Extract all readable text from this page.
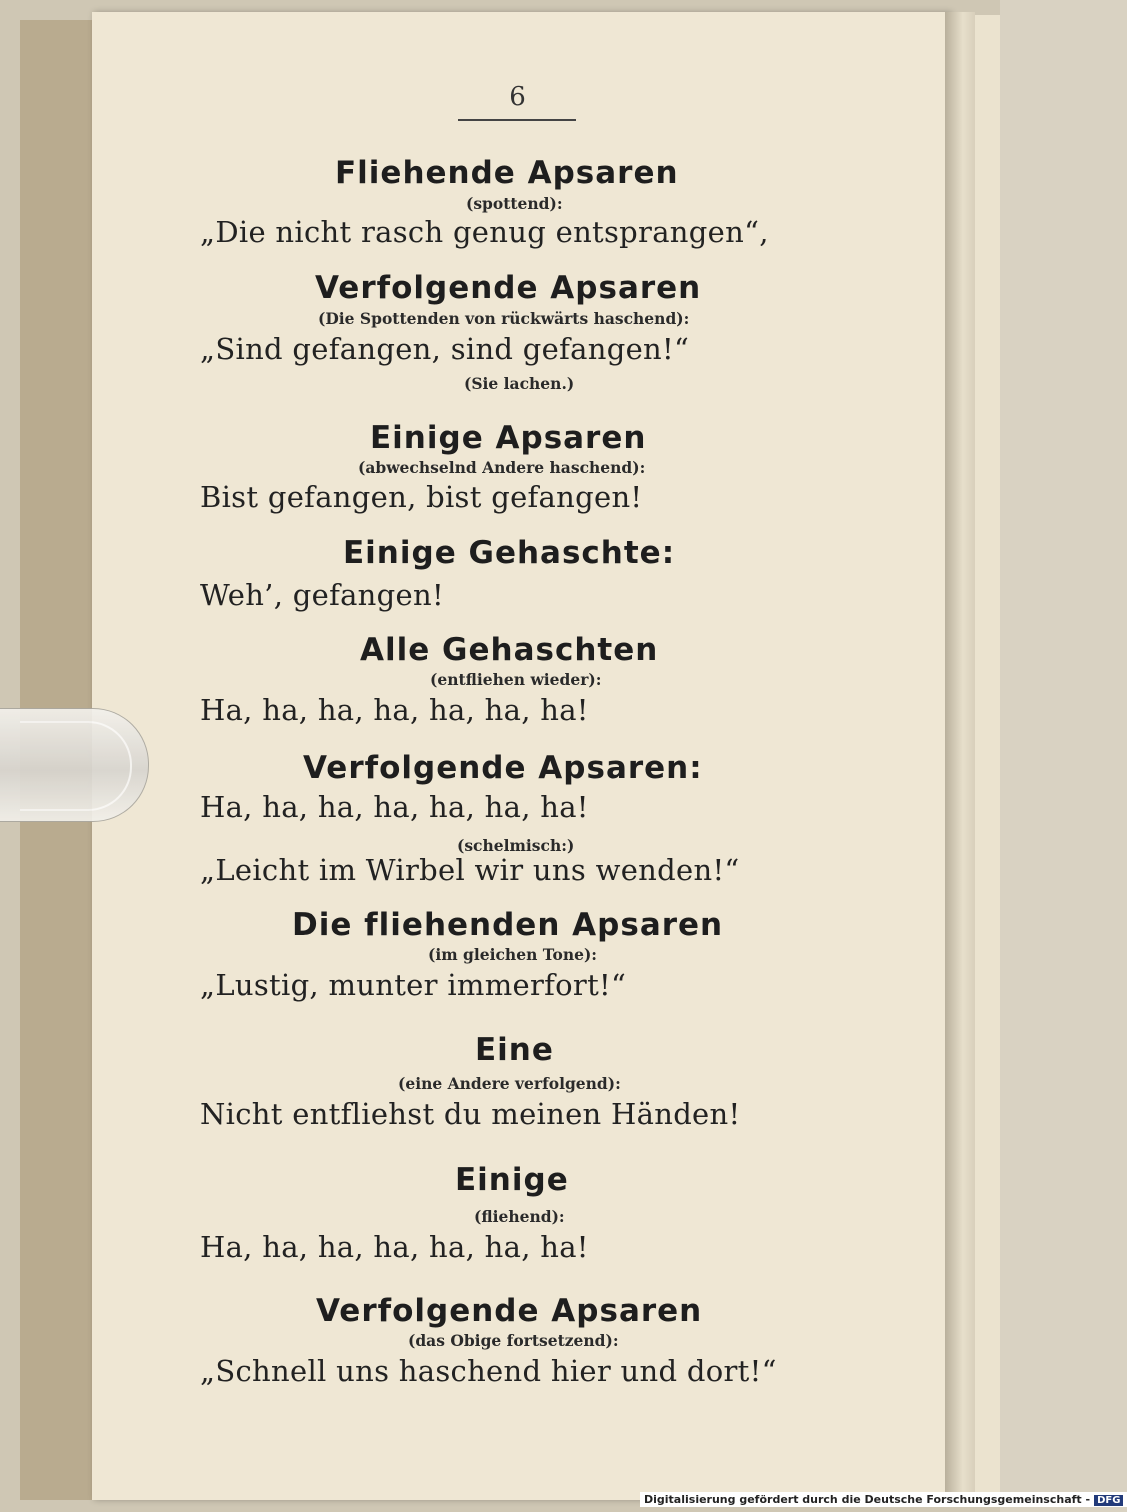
6
Fliehende Apsaren
(spottend):
„Die nicht rasch genug entsprangen“,
Verfolgende Apsaren
(Die Spottenden von rückwärts haschend):
„Sind gefangen, sind gefangen!“
(Sie lachen.)
Einige Apsaren
(abwechselnd Andere haschend):
Bist gefangen, bist gefangen!
Einige Gehaschte:
Weh’, gefangen!
Alle Gehaschten
(entfliehen wieder):
Ha, ha, ha, ha, ha, ha, ha!
Verfolgende Apsaren:
Ha, ha, ha, ha, ha, ha, ha!
(schelmisch:)
„Leicht im Wirbel wir uns wenden!“
Die fliehenden Apsaren
(im gleichen Tone):
„Lustig, munter immerfort!“
Eine
(eine Andere verfolgend):
Nicht entfliehst du meinen Händen!
Einige
(fliehend):
Ha, ha, ha, ha, ha, ha, ha!
Verfolgende Apsaren
(das Obige fortsetzend):
„Schnell uns haschend hier und dort!“
Digitalisierung gefördert durch die Deutsche Forschungsgemeinschaft - DFG
